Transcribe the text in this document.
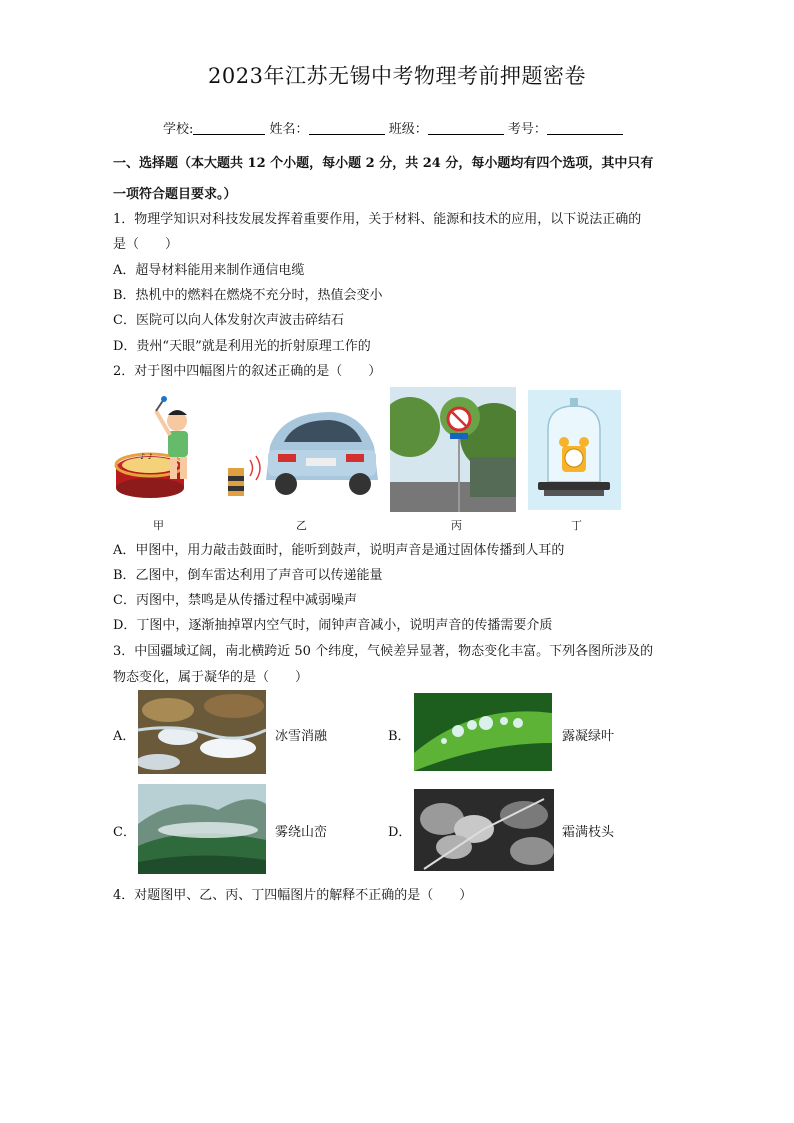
2023年江苏无锡中考物理考前押题密卷
学校:	姓名：	班级：	考号：
一、选择题（本大题共 12 个小题，每小题 2 分，共 24 分，每小题均有四个选项，其中只有
一项符合题目要求。）
1．物理学知识对科技发展发挥着重要作用，关于材料、能源和技术的应用，以下说法正确的
是（　　）
A．超导材料能用来制作通信电缆
B．热机中的燃料在燃烧不充分时，热值会变小
C．医院可以向人体发射次声波击碎结石
D．贵州“天眼”就是利用光的折射原理工作的
2．对于图中四幅图片的叙述正确的是（　　）
♪ ♪
甲	乙	丙	丁
A．甲图中，用力敲击鼓面时，能听到鼓声，说明声音是通过固体传播到人耳的
B．乙图中，倒车雷达利用了声音可以传递能量
C．丙图中，禁鸣是从传播过程中减弱噪声
D．丁图中，逐渐抽掉罩内空气时，闹钟声音减小，说明声音的传播需要介质
3．中国疆域辽阔，南北横跨近 50 个纬度，气候差异显著，物态变化丰富。下列各图所涉及的
物态变化，属于凝华的是（　　）
A．	冰雪消融	B．	露凝绿叶
C．	雾绕山峦	D．	霜满枝头
4．对题图甲、乙、丙、丁四幅图片的解释不正确的是（　　）
